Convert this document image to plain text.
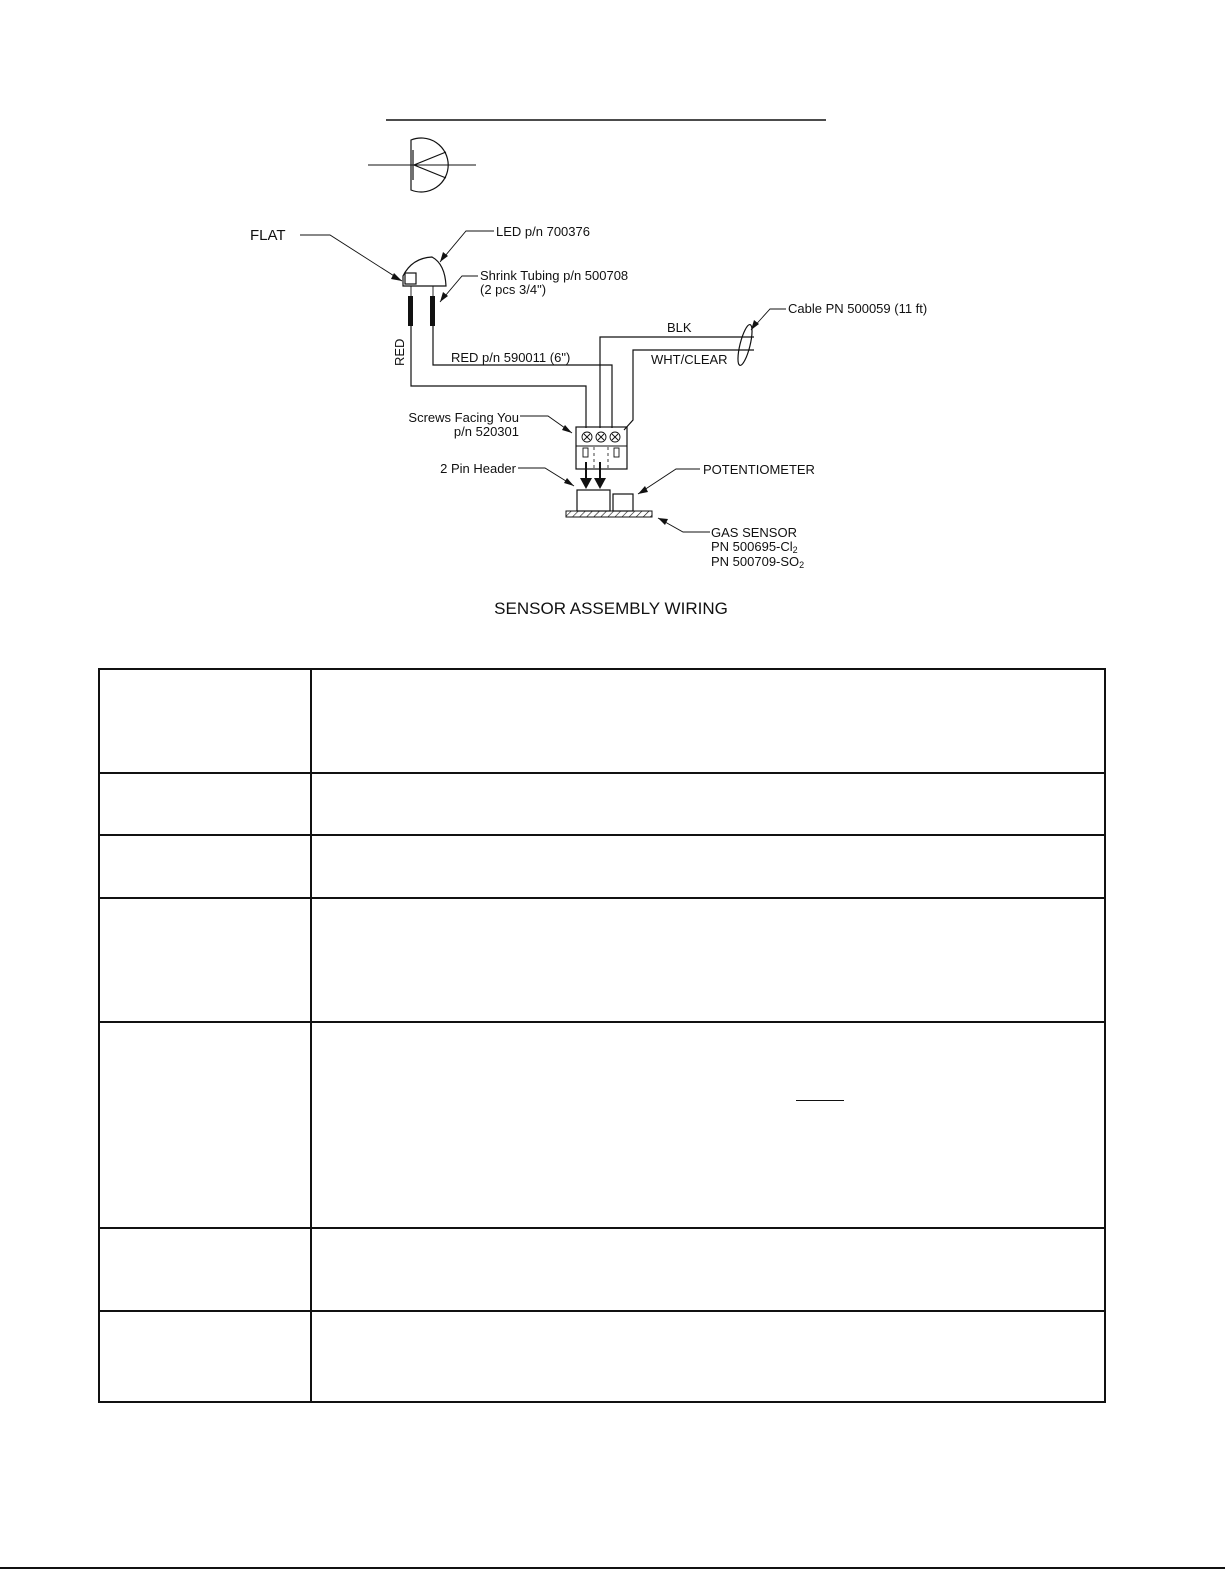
FLAT	LED p/n 700376
Shrink Tubing p/n 500708
(2 pcs 3/4")
RED	RED p/n 590011 (6")
BLK
WHT/CLEAR
Cable PN 500059 (11 ft)
Screws Facing You
p/n 520301
2 Pin Header	POTENTIOMETER
GAS SENSOR
PN 500695-Cl2
PN 500709-SO2
SENSOR ASSEMBLY WIRING
